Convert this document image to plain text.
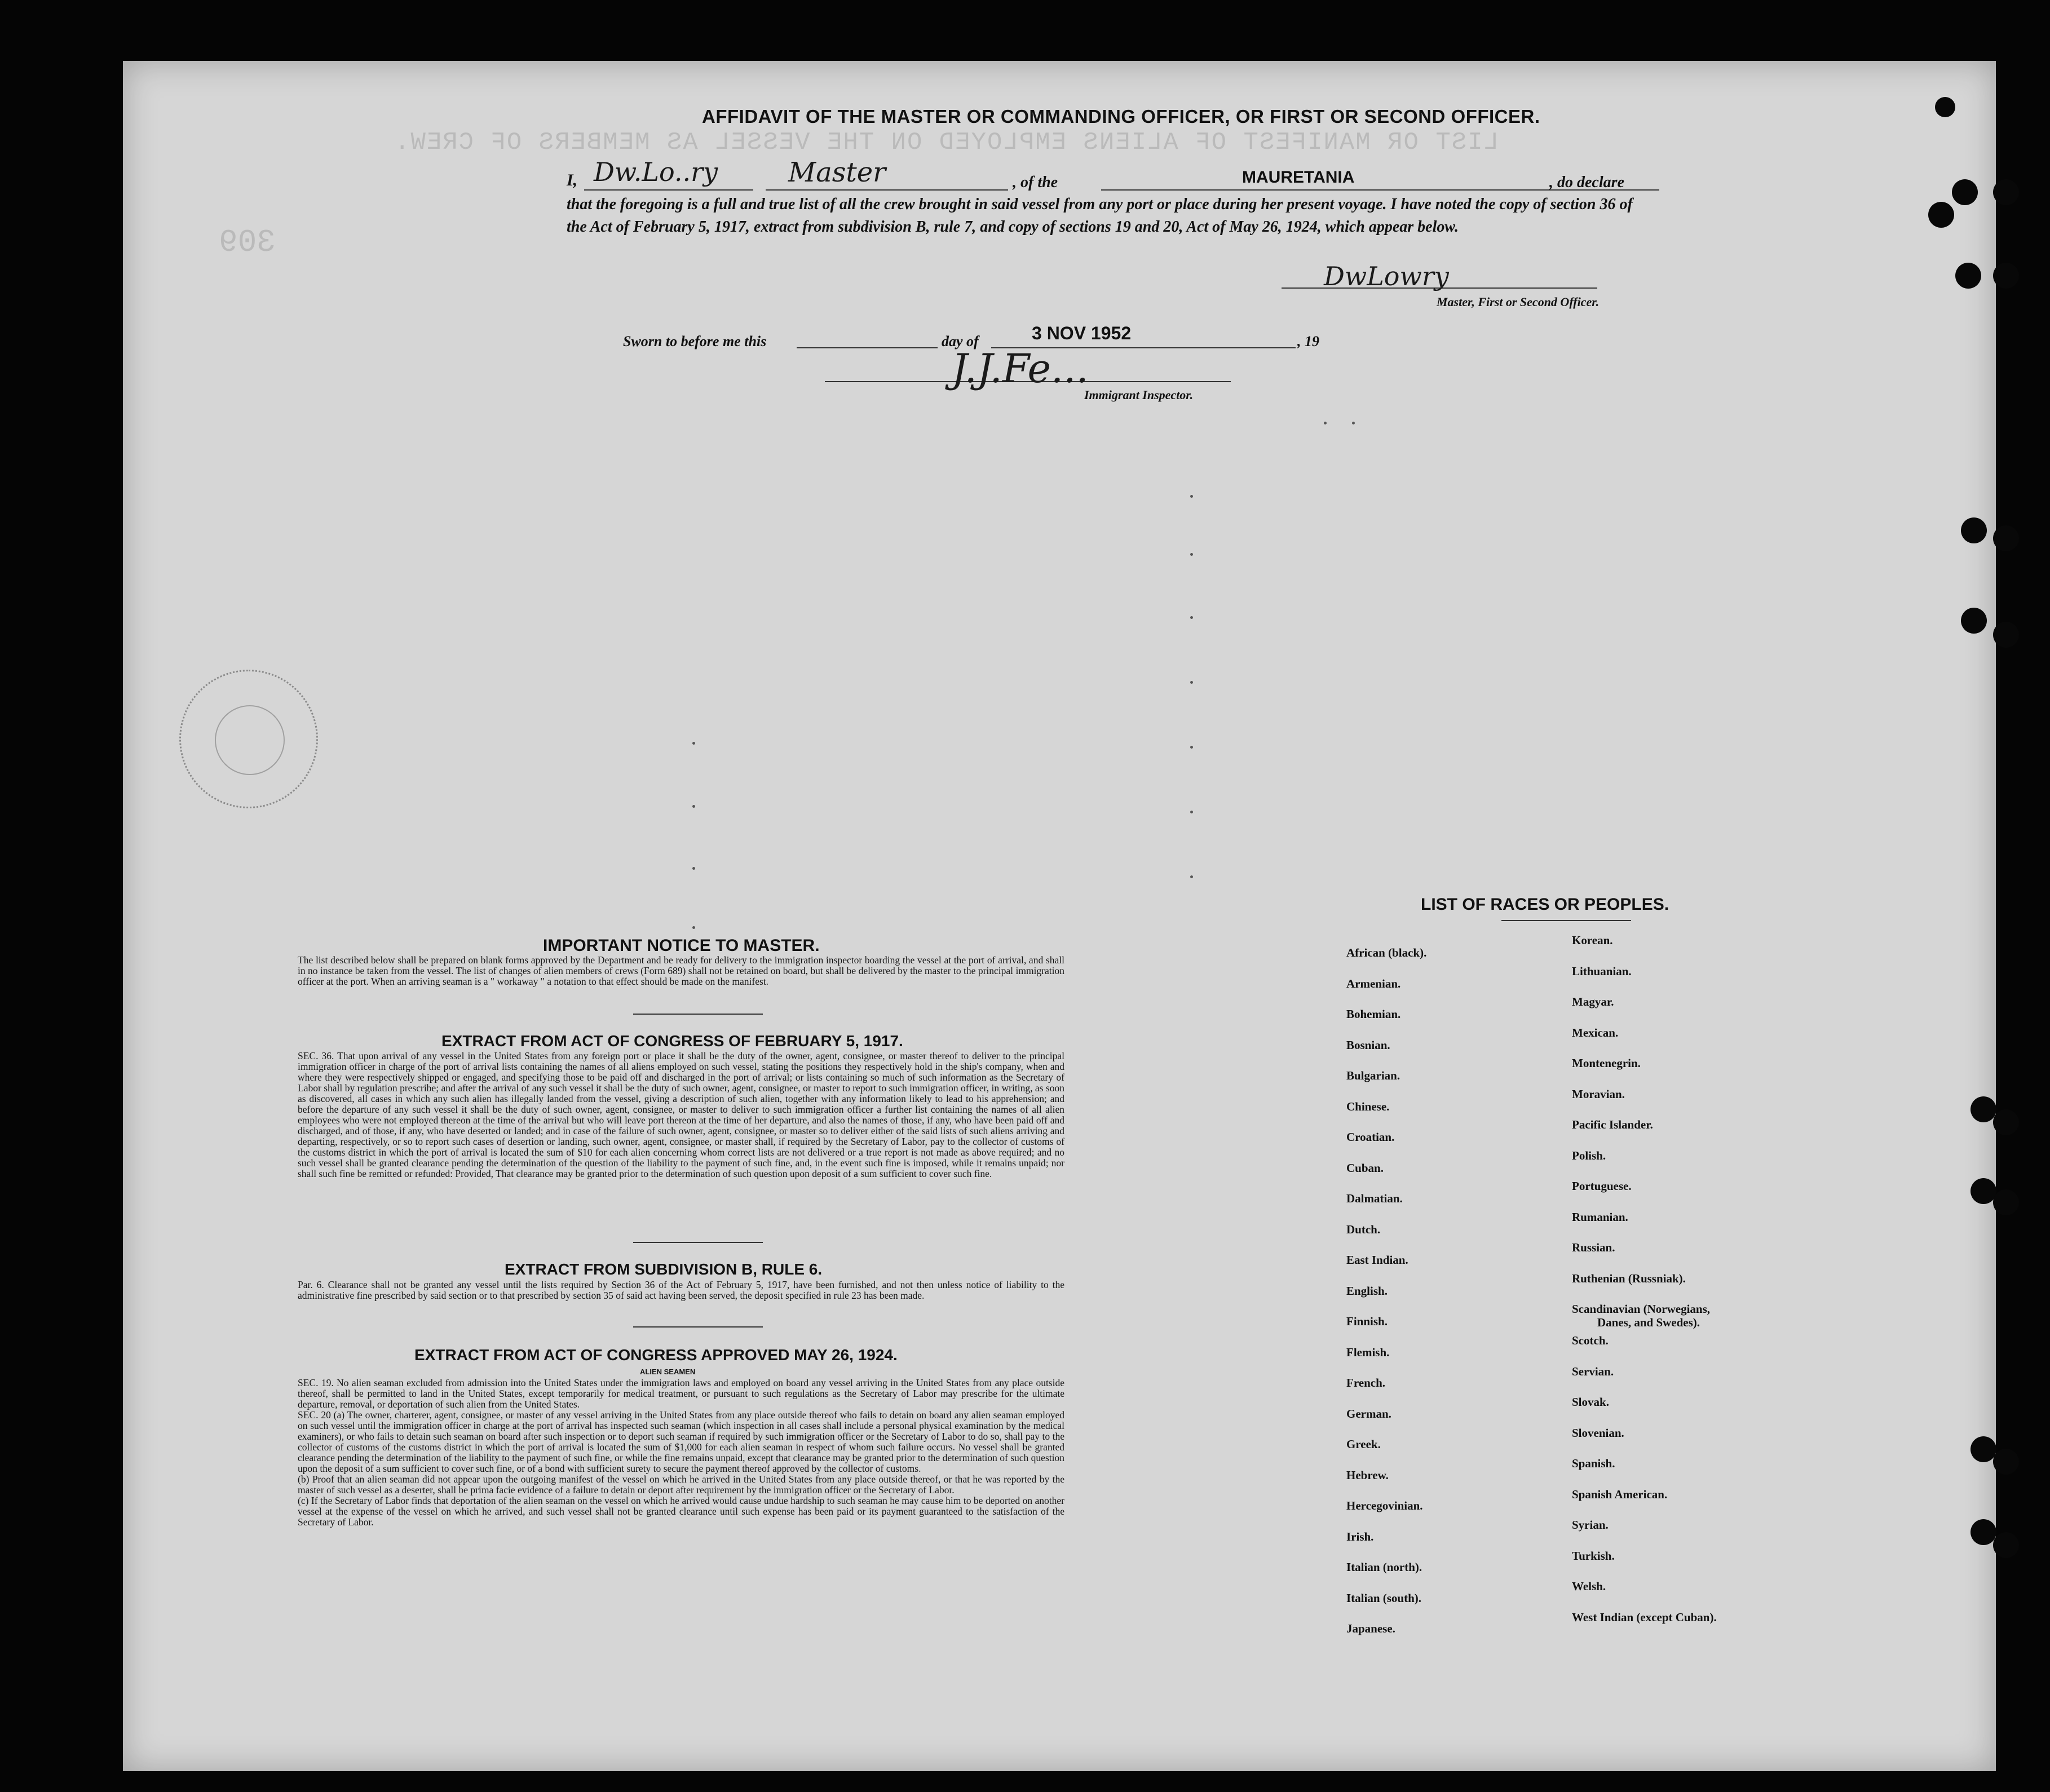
LIST OR MANIFEST OF ALIENS EMPLOYED ON THE VESSEL AS MEMBERS OF CREW.
309
AFFIDAVIT OF THE MASTER OR COMMANDING OFFICER, OR FIRST OR SECOND OFFICER.
I, Dw.Lo..ry	Master	, of the	MAURETANIA	, do declare
that the foregoing is a full and true list of all the crew brought in said vessel from any port or place during her present voyage. I have noted the copy of section 36 of the Act of February 5, 1917, extract from subdivision B, rule 7, and copy of sections 19 and 20, Act of May 26, 1924, which appear below.
DwLowry
Master, First or Second Officer.
Sworn to before me this	day of	3 NOV 1952	, 19
J.J.Fe...
Immigrant Inspector.
IMPORTANT NOTICE TO MASTER.
The list described below shall be prepared on blank forms approved by the Department and be ready for delivery to the immigration inspector boarding the vessel at the port of arrival, and shall in no instance be taken from the vessel. The list of changes of alien members of crews (Form 689) shall not be retained on board, but shall be delivered by the master to the principal immigration officer at the port. When an arriving seaman is a " workaway " a notation to that effect should be made on the manifest.
EXTRACT FROM ACT OF CONGRESS OF FEBRUARY 5, 1917.
SEC. 36. That upon arrival of any vessel in the United States from any foreign port or place it shall be the duty of the owner, agent, consignee, or master thereof to deliver to the principal immigration officer in charge of the port of arrival lists containing the names of all aliens employed on such vessel, stating the positions they respectively hold in the ship's company, when and where they were respectively shipped or engaged, and specifying those to be paid off and discharged in the port of arrival; or lists containing so much of such information as the Secretary of Labor shall by regulation prescribe; and after the arrival of any such vessel it shall be the duty of such owner, agent, consignee, or master to report to such immigration officer, in writing, as soon as discovered, all cases in which any such alien has illegally landed from the vessel, giving a description of such alien, together with any information likely to lead to his apprehension; and before the departure of any such vessel it shall be the duty of such owner, agent, consignee, or master to deliver to such immigration officer a further list containing the names of all alien employees who were not employed thereon at the time of the arrival but who will leave port thereon at the time of her departure, and also the names of those, if any, who have been paid off and discharged, and of those, if any, who have deserted or landed; and in case of the failure of such owner, agent, consignee, or master so to deliver either of the said lists of such aliens arriving and departing, respectively, or so to report such cases of desertion or landing, such owner, agent, consignee, or master shall, if required by the Secretary of Labor, pay to the collector of customs of the customs district in which the port of arrival is located the sum of $10 for each alien concerning whom correct lists are not delivered or a true report is not made as above required; and no such vessel shall be granted clearance pending the determination of the question of the liability to the payment of such fine, and, in the event such fine is imposed, while it remains unpaid; nor shall such fine be remitted or refunded: Provided, That clearance may be granted prior to the determination of such question upon deposit of a sum sufficient to cover such fine.
EXTRACT FROM SUBDIVISION B, RULE 6.
Par. 6. Clearance shall not be granted any vessel until the lists required by Section 36 of the Act of February 5, 1917, have been furnished, and not then unless notice of liability to the administrative fine prescribed by said section or to that prescribed by section 35 of said act having been served, the deposit specified in rule 23 has been made.
EXTRACT FROM ACT OF CONGRESS APPROVED MAY 26, 1924.
ALIEN SEAMEN
SEC. 19. No alien seaman excluded from admission into the United States under the immigration laws and employed on board any vessel arriving in the United States from any place outside thereof, shall be permitted to land in the United States, except temporarily for medical treatment, or pursuant to such regulations as the Secretary of Labor may prescribe for the ultimate departure, removal, or deportation of such alien from the United States.
SEC. 20 (a) The owner, charterer, agent, consignee, or master of any vessel arriving in the United States from any place outside thereof who fails to detain on board any alien seaman employed on such vessel until the immigration officer in charge at the port of arrival has inspected such seaman (which inspection in all cases shall include a personal physical examination by the medical examiners), or who fails to detain such seaman on board after such inspection or to deport such seaman if required by such immigration officer or the Secretary of Labor to do so, shall pay to the collector of customs of the customs district in which the port of arrival is located the sum of $1,000 for each alien seaman in respect of whom such failure occurs. No vessel shall be granted clearance pending the determination of the liability to the payment of such fine, or while the fine remains unpaid, except that clearance may be granted prior to the determination of such question upon the deposit of a sum sufficient to cover such fine, or of a bond with sufficient surety to secure the payment thereof approved by the collector of customs.
(b) Proof that an alien seaman did not appear upon the outgoing manifest of the vessel on which he arrived in the United States from any place outside thereof, or that he was reported by the master of such vessel as a deserter, shall be prima facie evidence of a failure to detain or deport after requirement by the immigration officer or the Secretary of Labor.
(c) If the Secretary of Labor finds that deportation of the alien seaman on the vessel on which he arrived would cause undue hardship to such seaman he may cause him to be deported on another vessel at the expense of the vessel on which he arrived, and such vessel shall not be granted clearance until such expense has been paid or its payment guaranteed to the satisfaction of the Secretary of Labor.
LIST OF RACES OR PEOPLES.
African (black).
Armenian.
Bohemian.
Bosnian.
Bulgarian.
Chinese.
Croatian.
Cuban.
Dalmatian.
Dutch.
East Indian.
English.
Finnish.
Flemish.
French.
German.
Greek.
Hebrew.
Hercegovinian.
Irish.
Italian (north).
Italian (south).
Japanese.
Korean.
Lithuanian.
Magyar.
Mexican.
Montenegrin.
Moravian.
Pacific Islander.
Polish.
Portuguese.
Rumanian.
Russian.
Ruthenian (Russniak).
Scandinavian (Norwegians,
Danes, and Swedes).
Scotch.
Servian.
Slovak.
Slovenian.
Spanish.
Spanish American.
Syrian.
Turkish.
Welsh.
West Indian (except Cuban).
